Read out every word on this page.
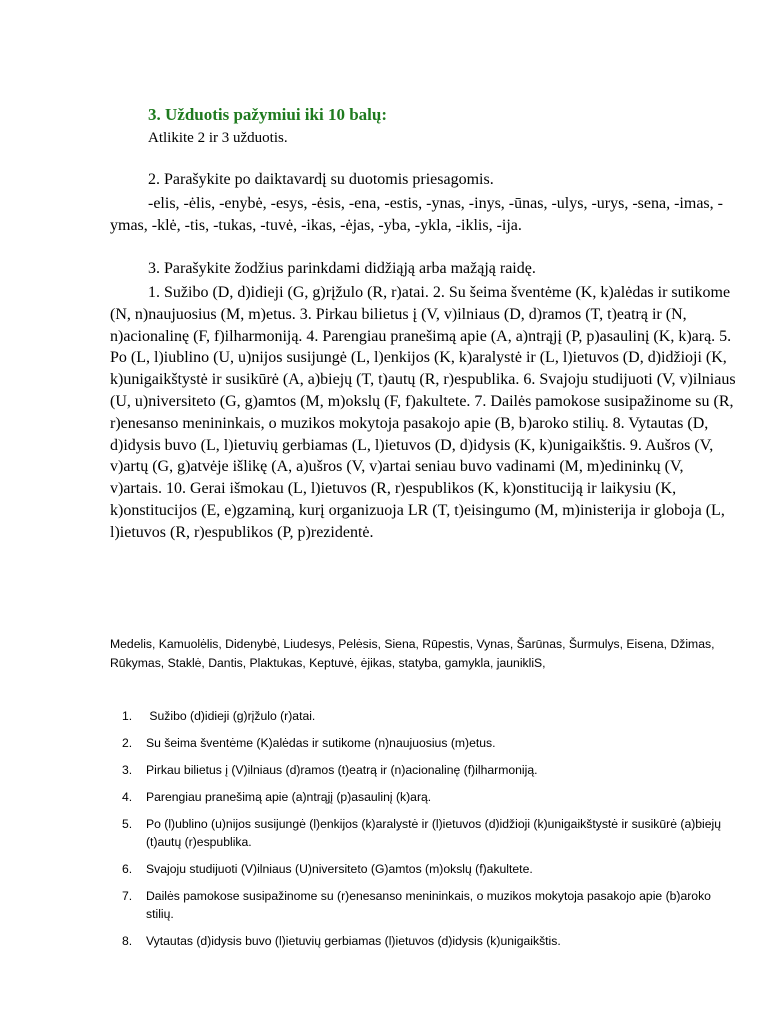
3. Užduotis pažymiui iki 10 balų:
Atlikite 2 ir 3 užduotis.
2. Parašykite po daiktavardį su duotomis priesagomis.
-elis, -ėlis, -enybė, -esys, -ėsis, -ena, -estis, -ynas, -inys, -ūnas, -ulys, -urys, -sena, -imas, -ymas, -klė, -tis, -tukas, -tuvė, -ikas, -ėjas, -yba, -ykla, -iklis, -ija.
3. Parašykite žodžius parinkdami didžiąją arba mažąją raidę.
1. Sužibo (D, d)idieji (G, g)rįžulo (R, r)atai. 2. Su šeima šventėme (K, k)alėdas ir sutikome (N, n)naujuosius (M, m)etus. 3. Pirkau bilietus į (V, v)ilniaus (D, d)ramos (T, t)eatrą ir (N, n)acionalinę (F, f)ilharmoniją. 4. Parengiau pranešimą apie (A, a)ntrąjį (P, p)asaulinį (K, k)arą. 5. Po (L, l)iublino (U, u)nijos susijungė (L, l)enkijos (K, k)aralystė ir (L, l)ietuvos (D, d)idžioji (K, k)unigaikštystė ir susikūrė (A, a)biejų (T, t)autų (R, r)espublika. 6. Svajoju studijuoti (V, v)ilniaus (U, u)niversiteto (G, g)amtos (M, m)okslų (F, f)akultete. 7. Dailės pamokose susipažinome su (R, r)enesanso menininkais, o muzikos mokytoja pasakojo apie (B, b)aroko stilių. 8. Vytautas (D, d)idysis buvo (L, l)ietuvių gerbiamas (L, l)ietuvos (D, d)idysis (K, k)unigaikštis. 9. Aušros (V, v)artų (G, g)atvėje išlikę (A, a)ušros (V, v)artai seniau buvo vadinami (M, m)edininkų (V, v)artais. 10. Gerai išmokau (L, l)ietuvos (R, r)espublikos (K, k)onstituciją ir laikysiu (K, k)onstitucijos (E, e)gzaminą, kurį organizuoja LR (T, t)eisingumo (M, m)inisterija ir globoja (L, l)ietuvos (R, r)espublikos (P, p)rezidentė.
Medelis, Kamuolėlis, Didenybė, Liudesys, Pelėsis, Siena, Rūpestis, Vynas, Šarūnas, Šurmulys, Eisena, Džimas, Rūkymas, Staklė, Dantis, Plaktukas, Keptuvė, ėjikas, statyba, gamykla, jaunikliS,
1.	Sužibo (d)idieji (g)rįžulo (r)atai.
2.	Su šeima šventėme (K)alėdas ir sutikome (n)naujuosius (m)etus.
3.	Pirkau bilietus į (V)ilniaus (d)ramos (t)eatrą ir (n)acionalinę (f)ilharmoniją.
4.	Parengiau pranešimą apie (a)ntrąjį (p)asaulinį (k)arą.
5.	Po (l)ublino (u)nijos susijungė (l)enkijos (k)aralystė ir (l)ietuvos (d)idžioji (k)unigaikštystė ir susikūrė (a)biejų (t)autų (r)espublika.
6.	Svajoju studijuoti (V)ilniaus (U)niversiteto (G)amtos (m)okslų (f)akultete.
7.	Dailės pamokose susipažinome su (r)enesanso menininkais, o muzikos mokytoja pasakojo apie (b)aroko stilių.
8.	Vytautas (d)idysis buvo (l)ietuvių gerbiamas (l)ietuvos (d)idysis (k)unigaikštis.
